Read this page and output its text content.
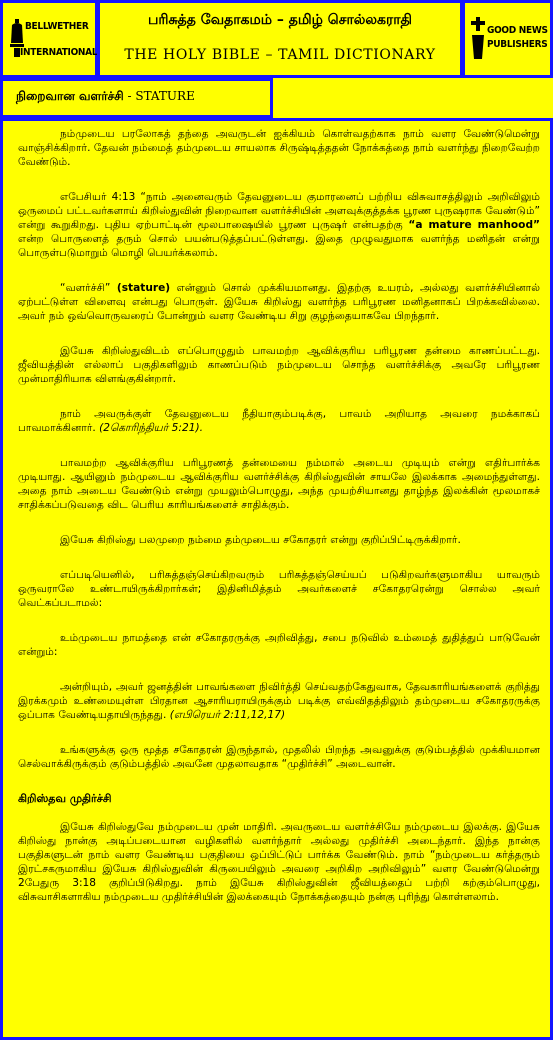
BELLWETHER
INTERNATIONAL
பரிசுத்த வேதாகமம் – தமிழ் சொல்லகராதி
THE HOLY BIBLE – TAMIL DICTIONARY
GOOD NEWS
PUBLISHERS
நிறைவான வளர்ச்சி - STATURE

நம்முடைய பரலோகத் தந்தை அவருடன் ஐக்கியம் கொள்வதற்காக நாம் வளர வேண்டுமென்று வாஞ்சிக்கிறார். தேவன் நம்மைத் தம்முடைய சாயலாக சிருஷ்டித்ததன் நோக்கத்தை நாம் வளர்ந்து நிறைவேற்ற வேண்டும்.

எபேசியர் 4:13 “நாம் அனைவரும் தேவனுடைய குமாரனைப் பற்றிய விசுவாசத்திலும் அறிவிலும் ஒருமைப் பட்டவர்களாய் கிறிஸ்துவின் நிறைவான வளர்ச்சியின் அளவுக்குத்தக்க பூரண புருஷராக வேண்டும்” என்று கூறுகிறது. புதிய ஏற்பாட்டின் மூலபாஷையில் பூரண புருஷர் என்பதற்கு “a mature manhood” என்ற பொருளைத் தரும் சொல் பயன்படுத்தப்பட்டுள்ளது. இதை முழுவதுமாக வளர்ந்த மனிதன் என்று பொருள்படுமாறும் மொழி பெயர்க்கலாம்.

“வளர்ச்சி” (stature) என்னும் சொல் முக்கியமானது. இதற்கு உயரம், அல்லது வளர்ச்சியினால் ஏற்பட்டுள்ள விளைவு என்பது பொருள். இயேசு கிறிஸ்து வளர்ந்த பரிபூரண மனிதனாகப் பிறக்கவில்லை. அவர் நம் ஒவ்வொருவரைப் போன்றும் வளர வேண்டிய சிறு குழந்தையாகவே பிறந்தார்.

இயேசு கிறிஸ்துவிடம் எப்பொழுதும் பாவமற்ற ஆவிக்குரிய பரிபூரண தன்மை காணப்பட்டது. ஜீவியத்தின் எல்லாப் பகுதிகளிலும் காணப்படும் நம்முடைய சொந்த வளர்ச்சிக்கு அவரே பரிபூரண முன்மாதிரியாக விளங்குகின்றார்.

நாம் அவருக்குள் தேவனுடைய நீதியாகும்படிக்கு, பாவம் அறியாத அவரை நமக்காகப் பாவமாக்கினார். (2கொரிந்தியர் 5:21).

பாவமற்ற ஆவிக்குரிய பரிபூரணத் தன்மையை நம்மால் அடைய முடியும் என்று எதிர்பார்க்க முடியாது. ஆயினும் நம்முடைய ஆவிக்குரிய வளர்ச்சிக்கு கிறிஸ்துவின் சாயலே இலக்காக அமைந்துள்ளது. அதை நாம் அடைய வேண்டும் என்று முயலும்பொழுது, அந்த முயற்சியானது தாழ்ந்த இலக்கின் மூலமாகச் சாதிக்கப்படுவதை விட பெரிய காரியங்களைச் சாதிக்கும்.

இயேசு கிறிஸ்து பலமுறை நம்மை தம்முடைய சகோதரர் என்று குறிப்பிட்டிருக்கிறார்.

எப்படியெனில், பரிசுத்தஞ்செய்கிறவரும் பரிசுத்தஞ்செய்யப் படுகிறவர்களுமாகிய யாவரும் ஒருவராலே உண்டாயிருக்கிறார்கள்; இதினிமித்தம் அவர்களைச் சகோதரரென்று சொல்ல அவர் வெட்கப்படாமல்:

உம்முடைய நாமத்தை என் சகோதரருக்கு அறிவித்து, சபை நடுவில் உம்மைத் துதித்துப் பாடுவேன் என்றும்:

அன்றியும், அவர் ஜனத்தின் பாவங்களை நிவிர்த்தி செய்வதற்கேதுவாக, தேவகாரியங்களைக் குறித்து இரக்கமும் உண்மையுள்ள பிரதான ஆசாரியராயிருக்கும் படிக்கு எவ்விதத்திலும் தம்முடைய சகோதரருக்கு ஒப்பாக வேண்டியதாயிருந்தது. (எபிரெயர் 2:11,12,17)

உங்களுக்கு ஒரு மூத்த சகோதரன் இருந்தால், முதலில் பிறந்த அவனுக்கு குடும்பத்தில் முக்கியமான செல்வாக்கிருக்கும் குடும்பத்தில் அவனே முதலாவதாக “முதிர்ச்சி” அடைவான்.

கிறிஸ்தவ முதிர்ச்சி

இயேசு கிறிஸ்துவே நம்முடைய முன் மாதிரி. அவருடைய வளர்ச்சியே நம்முடைய இலக்கு. இயேசு கிறிஸ்து நான்கு அடிப்படையான வழிகளில் வளர்ந்தார் அல்லது முதிர்ச்சி அடைந்தார். இந்த நான்கு பகுதிகளுடன் நாம் வளர வேண்டிய பகுதியை ஒப்பிட்டுப் பார்க்க வேண்டும். நாம் “நம்முடைய கர்த்தரும் இரட்சகருமாகிய இயேசு கிறிஸ்துவின் கிருபையிலும் அவரை அறிகிற அறிவிலும்” வளர வேண்டுமென்று 2பேதுரு 3:18 குறிப்பிடுகிறது. நாம் இயேசு கிறிஸ்துவின் ஜீவியத்தைப் பற்றி கற்கும்பொழுது, விசுவாசிகளாகிய நம்முடைய முதிர்ச்சியின் இலக்கையும் நோக்கத்தையும் நன்கு புரிந்து கொள்ளலாம்.
